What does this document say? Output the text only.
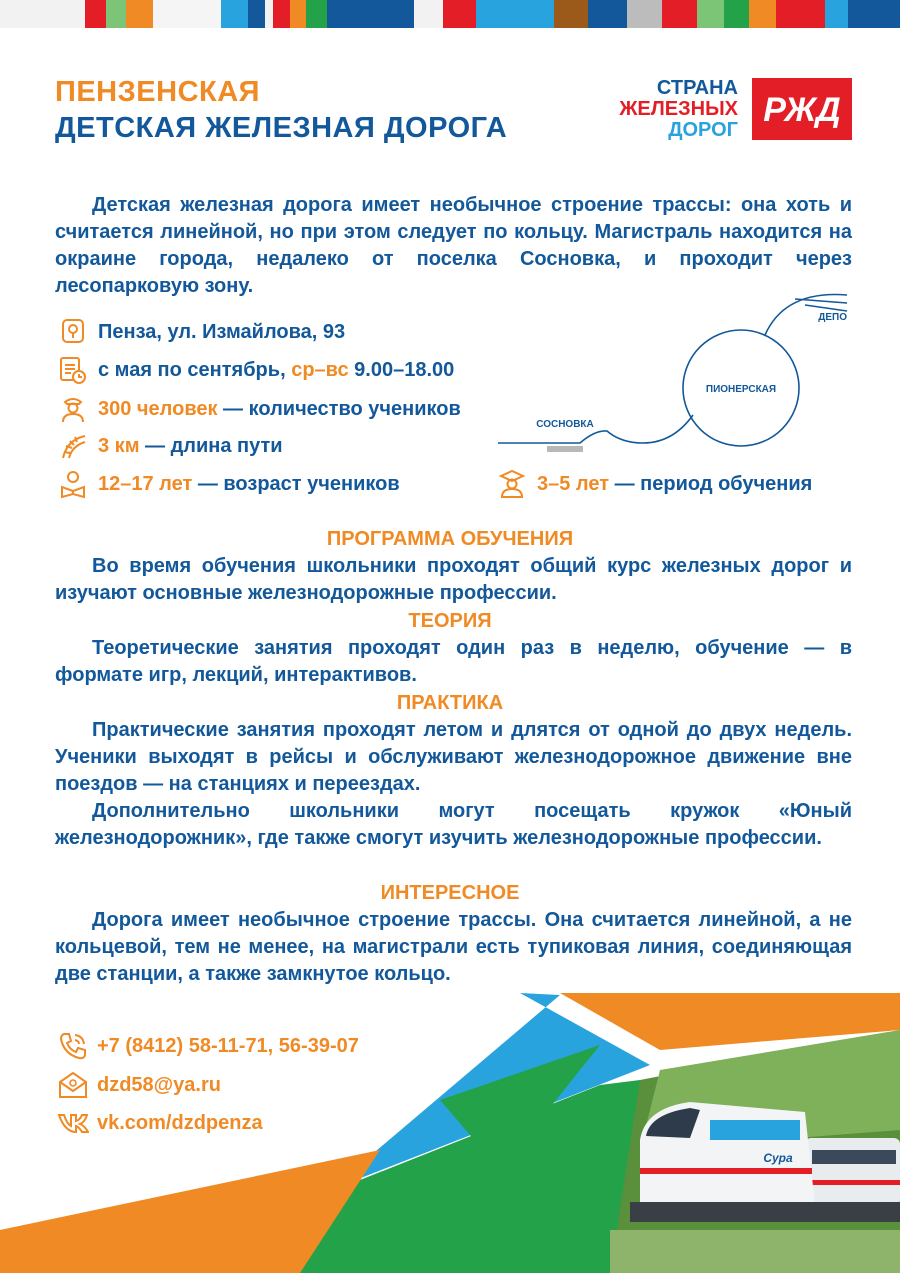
ПЕНЗЕНСКАЯ
ДЕТСКАЯ ЖЕЛЕЗНАЯ ДОРОГА
СТРАНА
ЖЕЛЕЗНЫХ
ДОРОГ
РЖД

Детская железная дорога имеет необычное строение трассы: она хоть и считается линейной, но при этом следует по кольцу. Магистраль находится на окраине города, недалеко от поселка Сосновка, и проходит через лесопарковую зону.

Пенза, ул. Измайлова, 93
с мая по сентябрь,
ср–вс
9.00–18.00
300 человек
— количество учеников
3 км
— длина пути
12–17 лет
— возраст учеников	3–5 лет
— период обучения
ДЕПО
ПИОНЕРСКАЯ
СОСНОВКА
ПРОГРАММА ОБУЧЕНИЯ

Во время обучения школьники проходят общий курс железных дорог и изучают основные железнодорожные профессии.

ТЕОРИЯ

Теоретические занятия проходят один раз в неделю, обучение — в формате игр, лекций, интерактивов.

ПРАКТИКА

Практические занятия проходят летом и длятся от одной до двух недель. Ученики выходят в рейсы и обслуживают железнодорожное движение вне поездов — на станциях и переездах.

Дополнительно школьники могут посещать кружок «Юный железнодорожник», где также смогут изучить железнодорожные профессии.

ИНТЕРЕСНОЕ

Дорога имеет необычное строение трассы. Она считается линейной, а не кольцевой, тем не менее, на магистрали есть тупиковая линия, соединяющая две станции, а также замкнутое кольцо.

Сура
+7 (8412) 58-11-71, 56-39-07
dzd58@ya.ru
vk.com/dzdpenza
